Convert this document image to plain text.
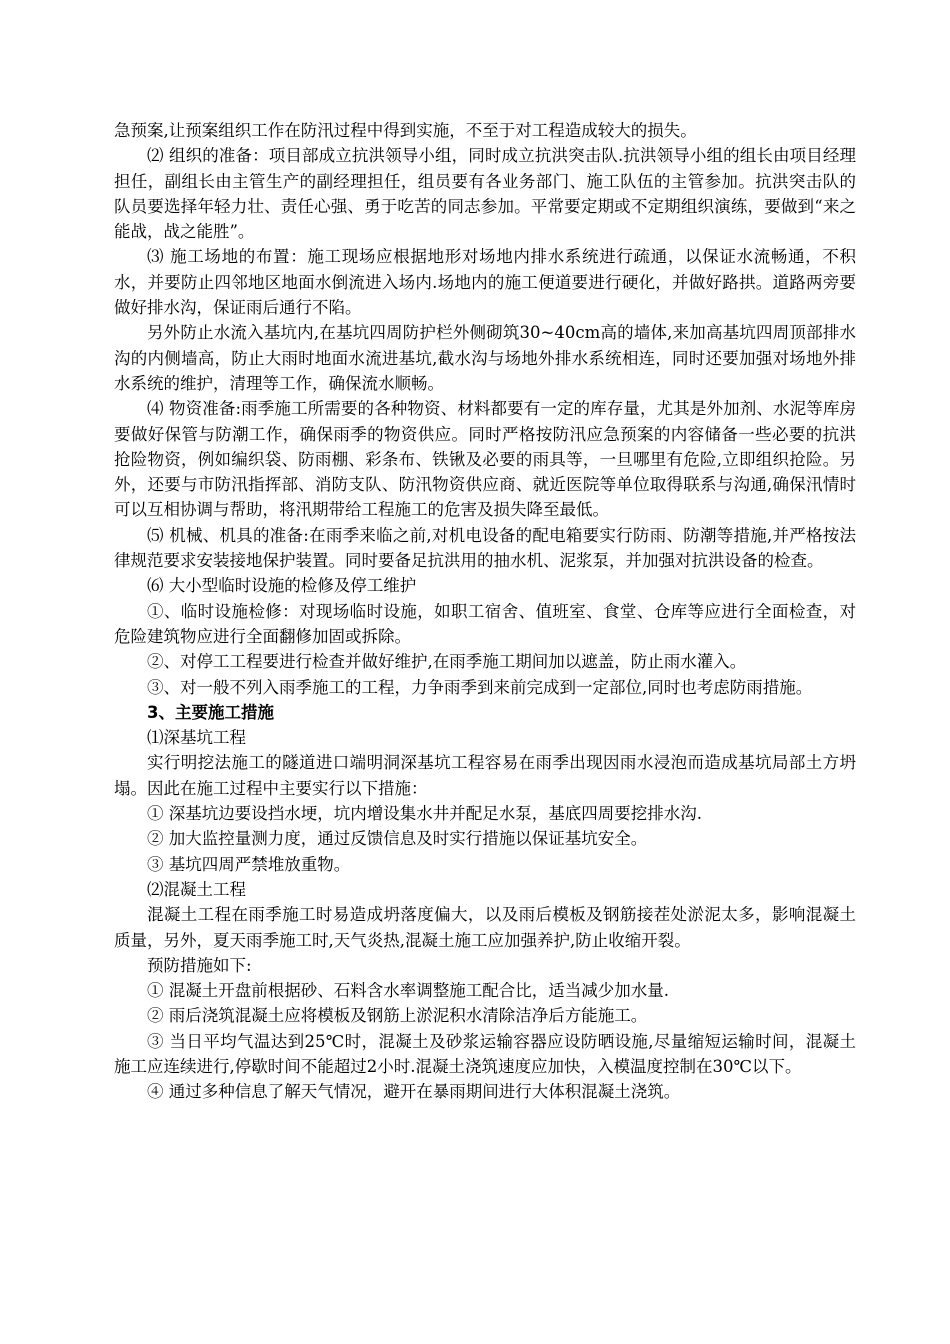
急预案,让预案组织工作在防汛过程中得到实施，不至于对工程造成较大的损失。

⑵ 组织的准备：项目部成立抗洪领导小组，同时成立抗洪突击队.抗洪领导小组的组长由项目经理担任，副组长由主管生产的副经理担任，组员要有各业务部门、施工队伍的主管参加。抗洪突击队的队员要选择年轻力壮、责任心强、勇于吃苦的同志参加。平常要定期或不定期组织演练，要做到“来之能战，战之能胜”。

⑶ 施工场地的布置：施工现场应根据地形对场地内排水系统进行疏通，以保证水流畅通，不积水，并要防止四邻地区地面水倒流进入场内.场地内的施工便道要进行硬化，并做好路拱。道路两旁要做好排水沟，保证雨后通行不陷。

另外防止水流入基坑内,在基坑四周防护栏外侧砌筑30~40cm高的墙体,来加高基坑四周顶部排水沟的内侧墙高，防止大雨时地面水流进基坑,截水沟与场地外排水系统相连，同时还要加强对场地外排水系统的维护，清理等工作，确保流水顺畅。

⑷ 物资准备:雨季施工所需要的各种物资、材料都要有一定的库存量，尤其是外加剂、水泥等库房要做好保管与防潮工作，确保雨季的物资供应。同时严格按防汛应急预案的内容储备一些必要的抗洪抢险物资，例如编织袋、防雨棚、彩条布、铁锹及必要的雨具等，一旦哪里有危险,立即组织抢险。另外，还要与市防汛指挥部、消防支队、防汛物资供应商、就近医院等单位取得联系与沟通,确保汛情时可以互相协调与帮助，将汛期带给工程施工的危害及损失降至最低。

⑸ 机械、机具的准备:在雨季来临之前,对机电设备的配电箱要实行防雨、防潮等措施,并严格按法律规范要求安装接地保护装置。同时要备足抗洪用的抽水机、泥浆泵，并加强对抗洪设备的检查。

⑹ 大小型临时设施的检修及停工维护

①、临时设施检修：对现场临时设施，如职工宿舍、值班室、食堂、仓库等应进行全面检查，对危险建筑物应进行全面翻修加固或拆除。

②、对停工工程要进行检查并做好维护,在雨季施工期间加以遮盖，防止雨水灌入。

③、对一般不列入雨季施工的工程，力争雨季到来前完成到一定部位,同时也考虑防雨措施。

3、主要施工措施

⑴深基坑工程

实行明挖法施工的隧道进口端明洞深基坑工程容易在雨季出现因雨水浸泡而造成基坑局部土方坍塌。因此在施工过程中主要实行以下措施：

① 深基坑边要设挡水埂，坑内增设集水井并配足水泵，基底四周要挖排水沟.

② 加大监控量测力度，通过反馈信息及时实行措施以保证基坑安全。

③ 基坑四周严禁堆放重物。

⑵混凝土工程

混凝土工程在雨季施工时易造成坍落度偏大，以及雨后模板及钢筋接茬处淤泥太多，影响混凝土质量，另外，夏天雨季施工时,天气炎热,混凝土施工应加强养护,防止收缩开裂。

预防措施如下:

① 混凝土开盘前根据砂、石料含水率调整施工配合比，适当减少加水量.

② 雨后浇筑混凝土应将模板及钢筋上淤泥积水清除洁净后方能施工。

③ 当日平均气温达到25℃时，混凝土及砂浆运输容器应设防晒设施,尽量缩短运输时间，混凝土施工应连续进行,停歇时间不能超过2小时.混凝土浇筑速度应加快，入模温度控制在30℃以下。

④ 通过多种信息了解天气情况，避开在暴雨期间进行大体积混凝土浇筑。
